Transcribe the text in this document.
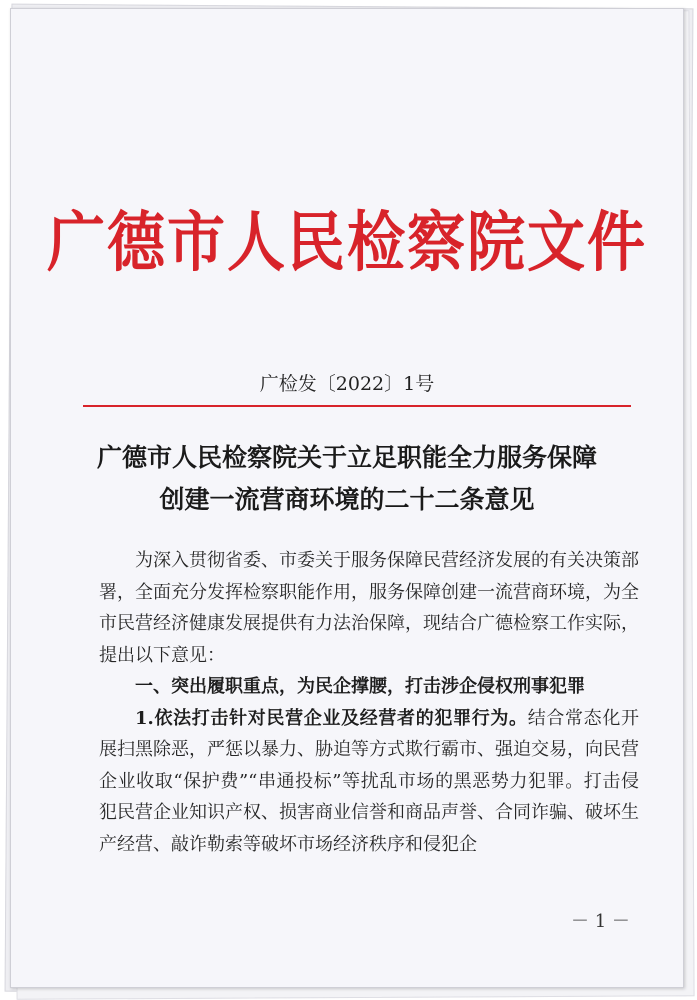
广德市人民检察院文件
广检发〔2022〕1号
广德市人民检察院关于立足职能全力服务保障
创建一流营商环境的二十二条意见

为深入贯彻省委、市委关于服务保障民营经济发展的有关决策部署，全面充分发挥检察职能作用，服务保障创建一流营商环境，为全市民营经济健康发展提供有力法治保障，现结合广德检察工作实际，提出以下意见：

一、突出履职重点，为民企撑腰，打击涉企侵权刑事犯罪

1.依法打击针对民营企业及经营者的犯罪行为。结合常态化开展扫黑除恶，严惩以暴力、胁迫等方式欺行霸市、强迫交易，向民营企业收取“保护费”“串通投标”等扰乱市场的黑恶势力犯罪。打击侵犯民营企业知识产权、损害商业信誉和商品声誉、合同诈骗、破坏生产经营、敲诈勒索等破坏市场经济秩序和侵犯企

－ 1 －
